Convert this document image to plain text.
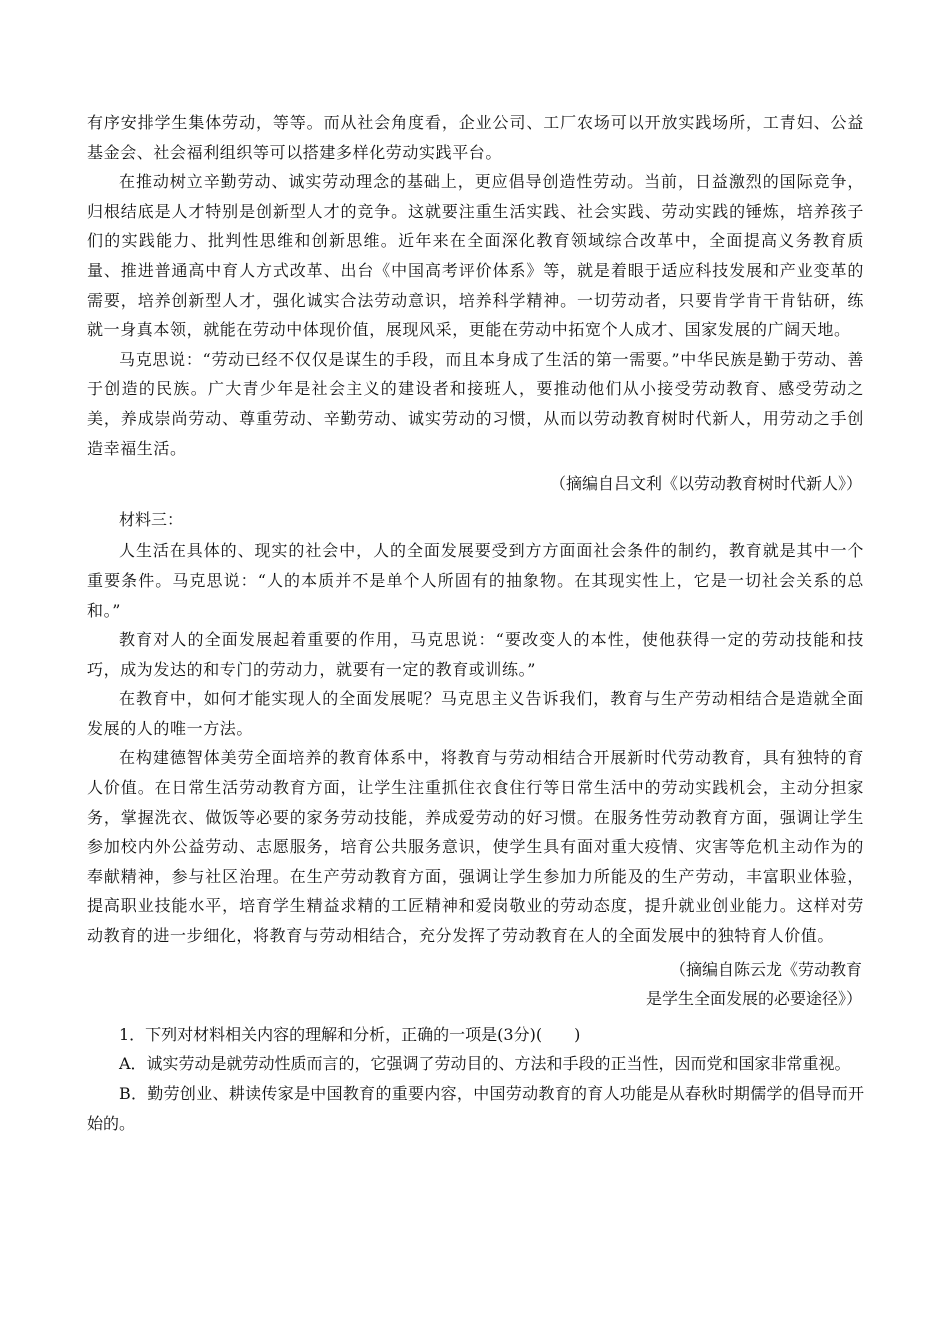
有序安排学生集体劳动，等等。而从社会角度看，企业公司、工厂农场可以开放实践场所，工青妇、公益基金会、社会福利组织等可以搭建多样化劳动实践平台。

在推动树立辛勤劳动、诚实劳动理念的基础上，更应倡导创造性劳动。当前，日益激烈的国际竞争，归根结底是人才特别是创新型人才的竞争。这就要注重生活实践、社会实践、劳动实践的锤炼，培养孩子们的实践能力、批判性思维和创新思维。近年来在全面深化教育领域综合改革中，全面提高义务教育质量、推进普通高中育人方式改革、出台《中国高考评价体系》等，就是着眼于适应科技发展和产业变革的需要，培养创新型人才，强化诚实合法劳动意识，培养科学精神。一切劳动者，只要肯学肯干肯钻研，练就一身真本领，就能在劳动中体现价值，展现风采，更能在劳动中拓宽个人成才、国家发展的广阔天地。

马克思说：“劳动已经不仅仅是谋生的手段，而且本身成了生活的第一需要。”中华民族是勤于劳动、善于创造的民族。广大青少年是社会主义的建设者和接班人，要推动他们从小接受劳动教育、感受劳动之美，养成崇尚劳动、尊重劳动、辛勤劳动、诚实劳动的习惯，从而以劳动教育树时代新人，用劳动之手创造幸福生活。

（摘编自吕文利《以劳动教育树时代新人》）

材料三：

人生活在具体的、现实的社会中，人的全面发展要受到方方面面社会条件的制约，教育就是其中一个重要条件。马克思说：“人的本质并不是单个人所固有的抽象物。在其现实性上，它是一切社会关系的总和。”

教育对人的全面发展起着重要的作用，马克思说：“要改变人的本性，使他获得一定的劳动技能和技巧，成为发达的和专门的劳动力，就要有一定的教育或训练。”

在教育中，如何才能实现人的全面发展呢？马克思主义告诉我们，教育与生产劳动相结合是造就全面发展的人的唯一方法。

在构建德智体美劳全面培养的教育体系中，将教育与劳动相结合开展新时代劳动教育，具有独特的育人价值。在日常生活劳动教育方面，让学生注重抓住衣食住行等日常生活中的劳动实践机会，主动分担家务，掌握洗衣、做饭等必要的家务劳动技能，养成爱劳动的好习惯。在服务性劳动教育方面，强调让学生参加校内外公益劳动、志愿服务，培育公共服务意识，使学生具有面对重大疫情、灾害等危机主动作为的奉献精神，参与社区治理。在生产劳动教育方面，强调让学生参加力所能及的生产劳动，丰富职业体验，提高职业技能水平，培育学生精益求精的工匠精神和爱岗敬业的劳动态度，提升就业创业能力。这样对劳动教育的进一步细化，将教育与劳动相结合，充分发挥了劳动教育在人的全面发展中的独特育人价值。

（摘编自陈云龙《劳动教育

是学生全面发展的必要途径》）

1．下列对材料相关内容的理解和分析，正确的一项是(3分)(　　)

A．诚实劳动是就劳动性质而言的，它强调了劳动目的、方法和手段的正当性，因而党和国家非常重视。

B．勤劳创业、耕读传家是中国教育的重要内容，中国劳动教育的育人功能是从春秋时期儒学的倡导而开始的。
